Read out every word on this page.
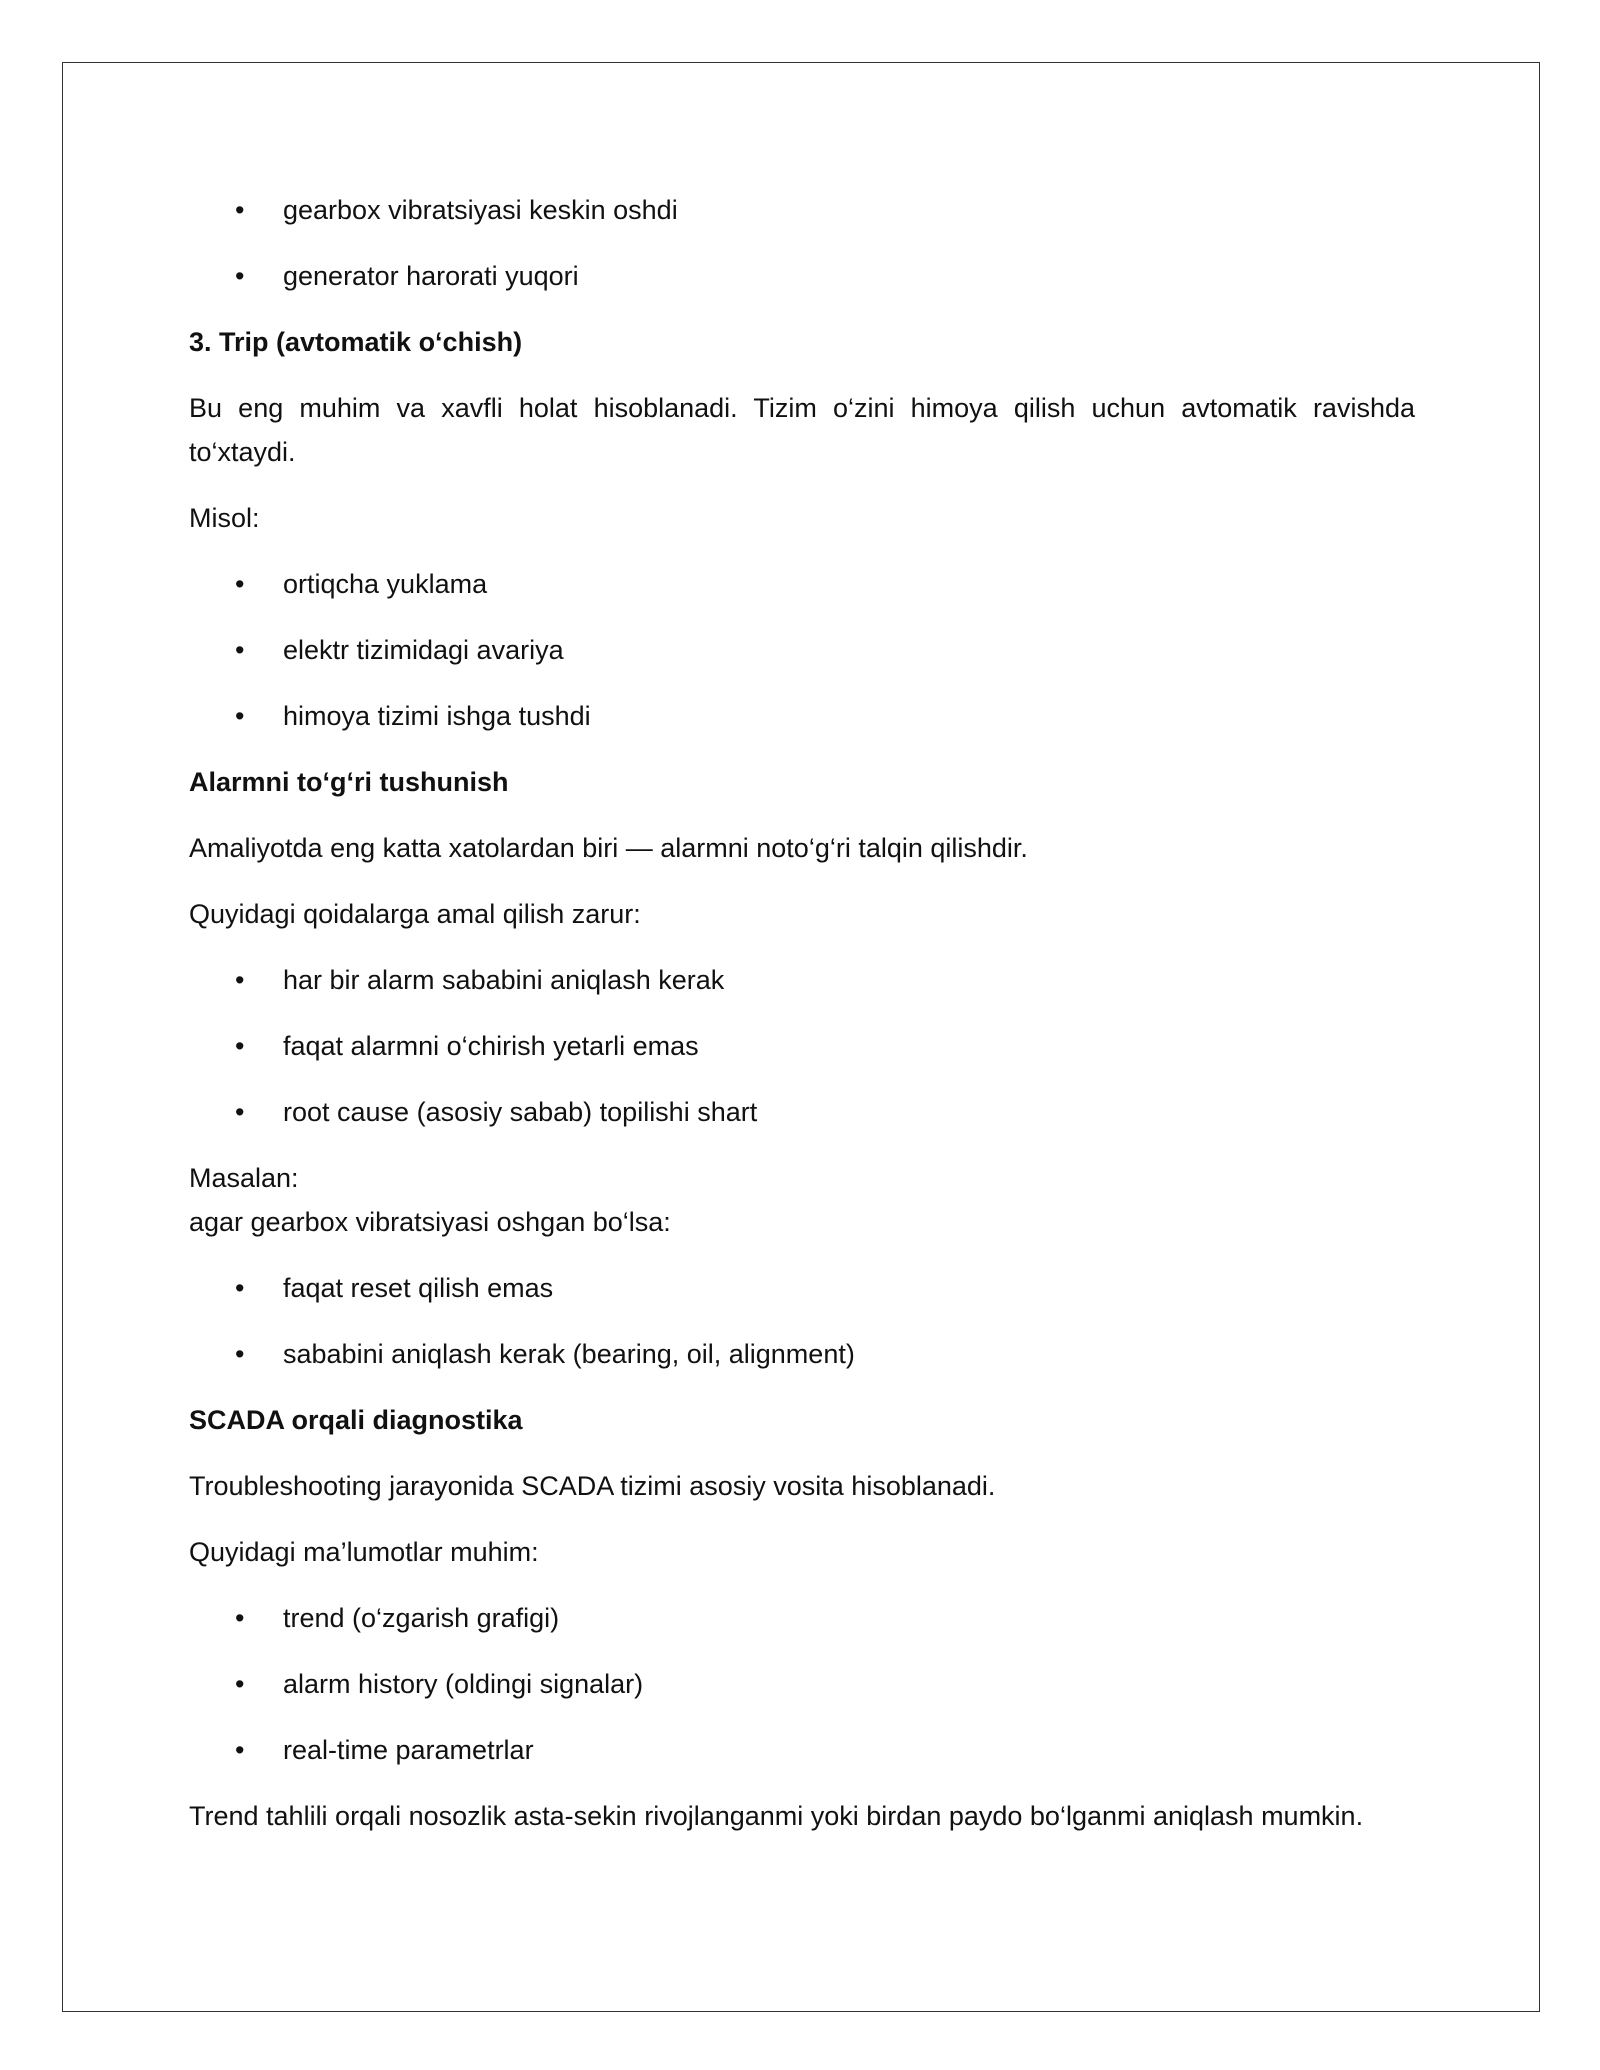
• gearbox vibratsiyasi keskin oshdi
• generator harorati yuqori
3. Trip (avtomatik o‘chish)

Bu eng muhim va xavfli holat hisoblanadi. Tizim o‘zini himoya qilish uchun avtomatik ravishda to‘xtaydi.

Misol:

• ortiqcha yuklama
• elektr tizimidagi avariya
• himoya tizimi ishga tushdi
Alarmni to‘g‘ri tushunish

Amaliyotda eng katta xatolardan biri — alarmni noto‘g‘ri talqin qilishdir.

Quyidagi qoidalarga amal qilish zarur:

• har bir alarm sababini aniqlash kerak
• faqat alarmni o‘chirish yetarli emas
• root cause (asosiy sabab) topilishi shart

Masalan:

agar gearbox vibratsiyasi oshgan bo‘lsa:

• faqat reset qilish emas
• sababini aniqlash kerak (bearing, oil, alignment)
SCADA orqali diagnostika

Troubleshooting jarayonida SCADA tizimi asosiy vosita hisoblanadi.

Quyidagi ma’lumotlar muhim:

• trend (o‘zgarish grafigi)
• alarm history (oldingi signalar)
• real-time parametrlar

Trend tahlili orqali nosozlik asta-sekin rivojlanganmi yoki birdan paydo bo‘lganmi aniqlash mumkin.
